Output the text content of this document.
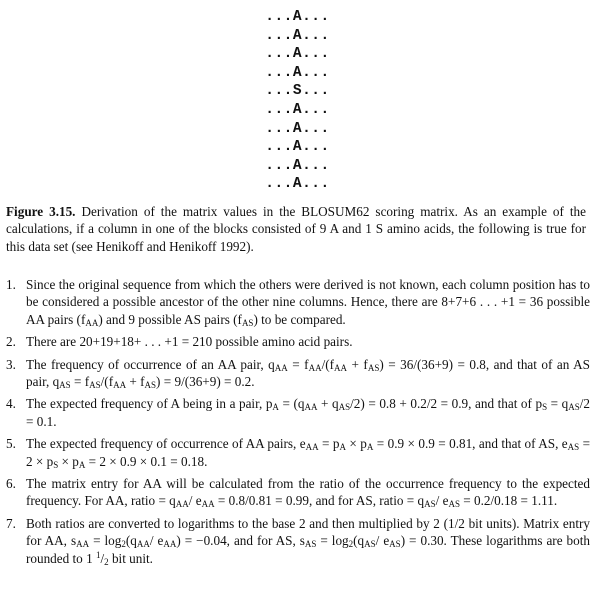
...A...
...A...
...A...
...A...
...S...
...A...
...A...
...A...
...A...
...A...
Figure 3.15. Derivation of the matrix values in the BLOSUM62 scoring matrix. As an example of the calculations, if a column in one of the blocks consisted of 9 A and 1 S amino acids, the following is true for this data set (see Henikoff and Henikoff 1992).
1. Since the original sequence from which the others were derived is not known, each column position has to be considered a possible ancestor of the other nine columns. Hence, there are 8+7+6 . . . +1 = 36 possible AA pairs $(f_{AA})$ and 9 possible AS pairs $(f_{AS})$ to be compared.
2. There are 20+19+18+ . . . +1 = 210 possible amino acid pairs.
3. The frequency of occurrence of an AA pair, $q_{AA} = f_{AA}/(f_{AA} + f_{AS}) = 36/(36+9) = 0.8$, and that of an AS pair, $q_{AS} = f_{AS}/(f_{AA} + f_{AS}) = 9/(36+9) = 0.2$.
4. The expected frequency of A being in a pair, $p_A = (q_{AA} + q_{AS}/2) = 0.8 + 0.2/2 = 0.9$, and that of $p_S = q_{AS}/2 = 0.1$.
5. The expected frequency of occurrence of AA pairs, $e_{AA} = p_A \times p_A = 0.9 \times 0.9 = 0.81$, and that of AS, $e_{AS} = 2 \times p_S \times p_A = 2 \times 0.9 \times 0.1 = 0.18$.
6. The matrix entry for AA will be calculated from the ratio of the occurrence frequency to the expected frequency. For AA, ratio = $q_{AA}/$ $e_{AA} = 0.8/0.81 = 0.99$, and for AS, ratio = $q_{AS}/$ $e_{AS} = 0.2/0.18 = 1.11$.
7. Both ratios are converted to logarithms to the base 2 and then multiplied by 2 (1/2 bit units). Matrix entry for AA, $s_{AA} = \log_2(q_{AA}/$ $e_{AA}) = -0.04$, and for AS, $s_{AS} = \log_2(q_{AS}/$ $e_{AS}) = 0.30$. These logarithms are both rounded to 1 $^1/_2$ bit unit.
